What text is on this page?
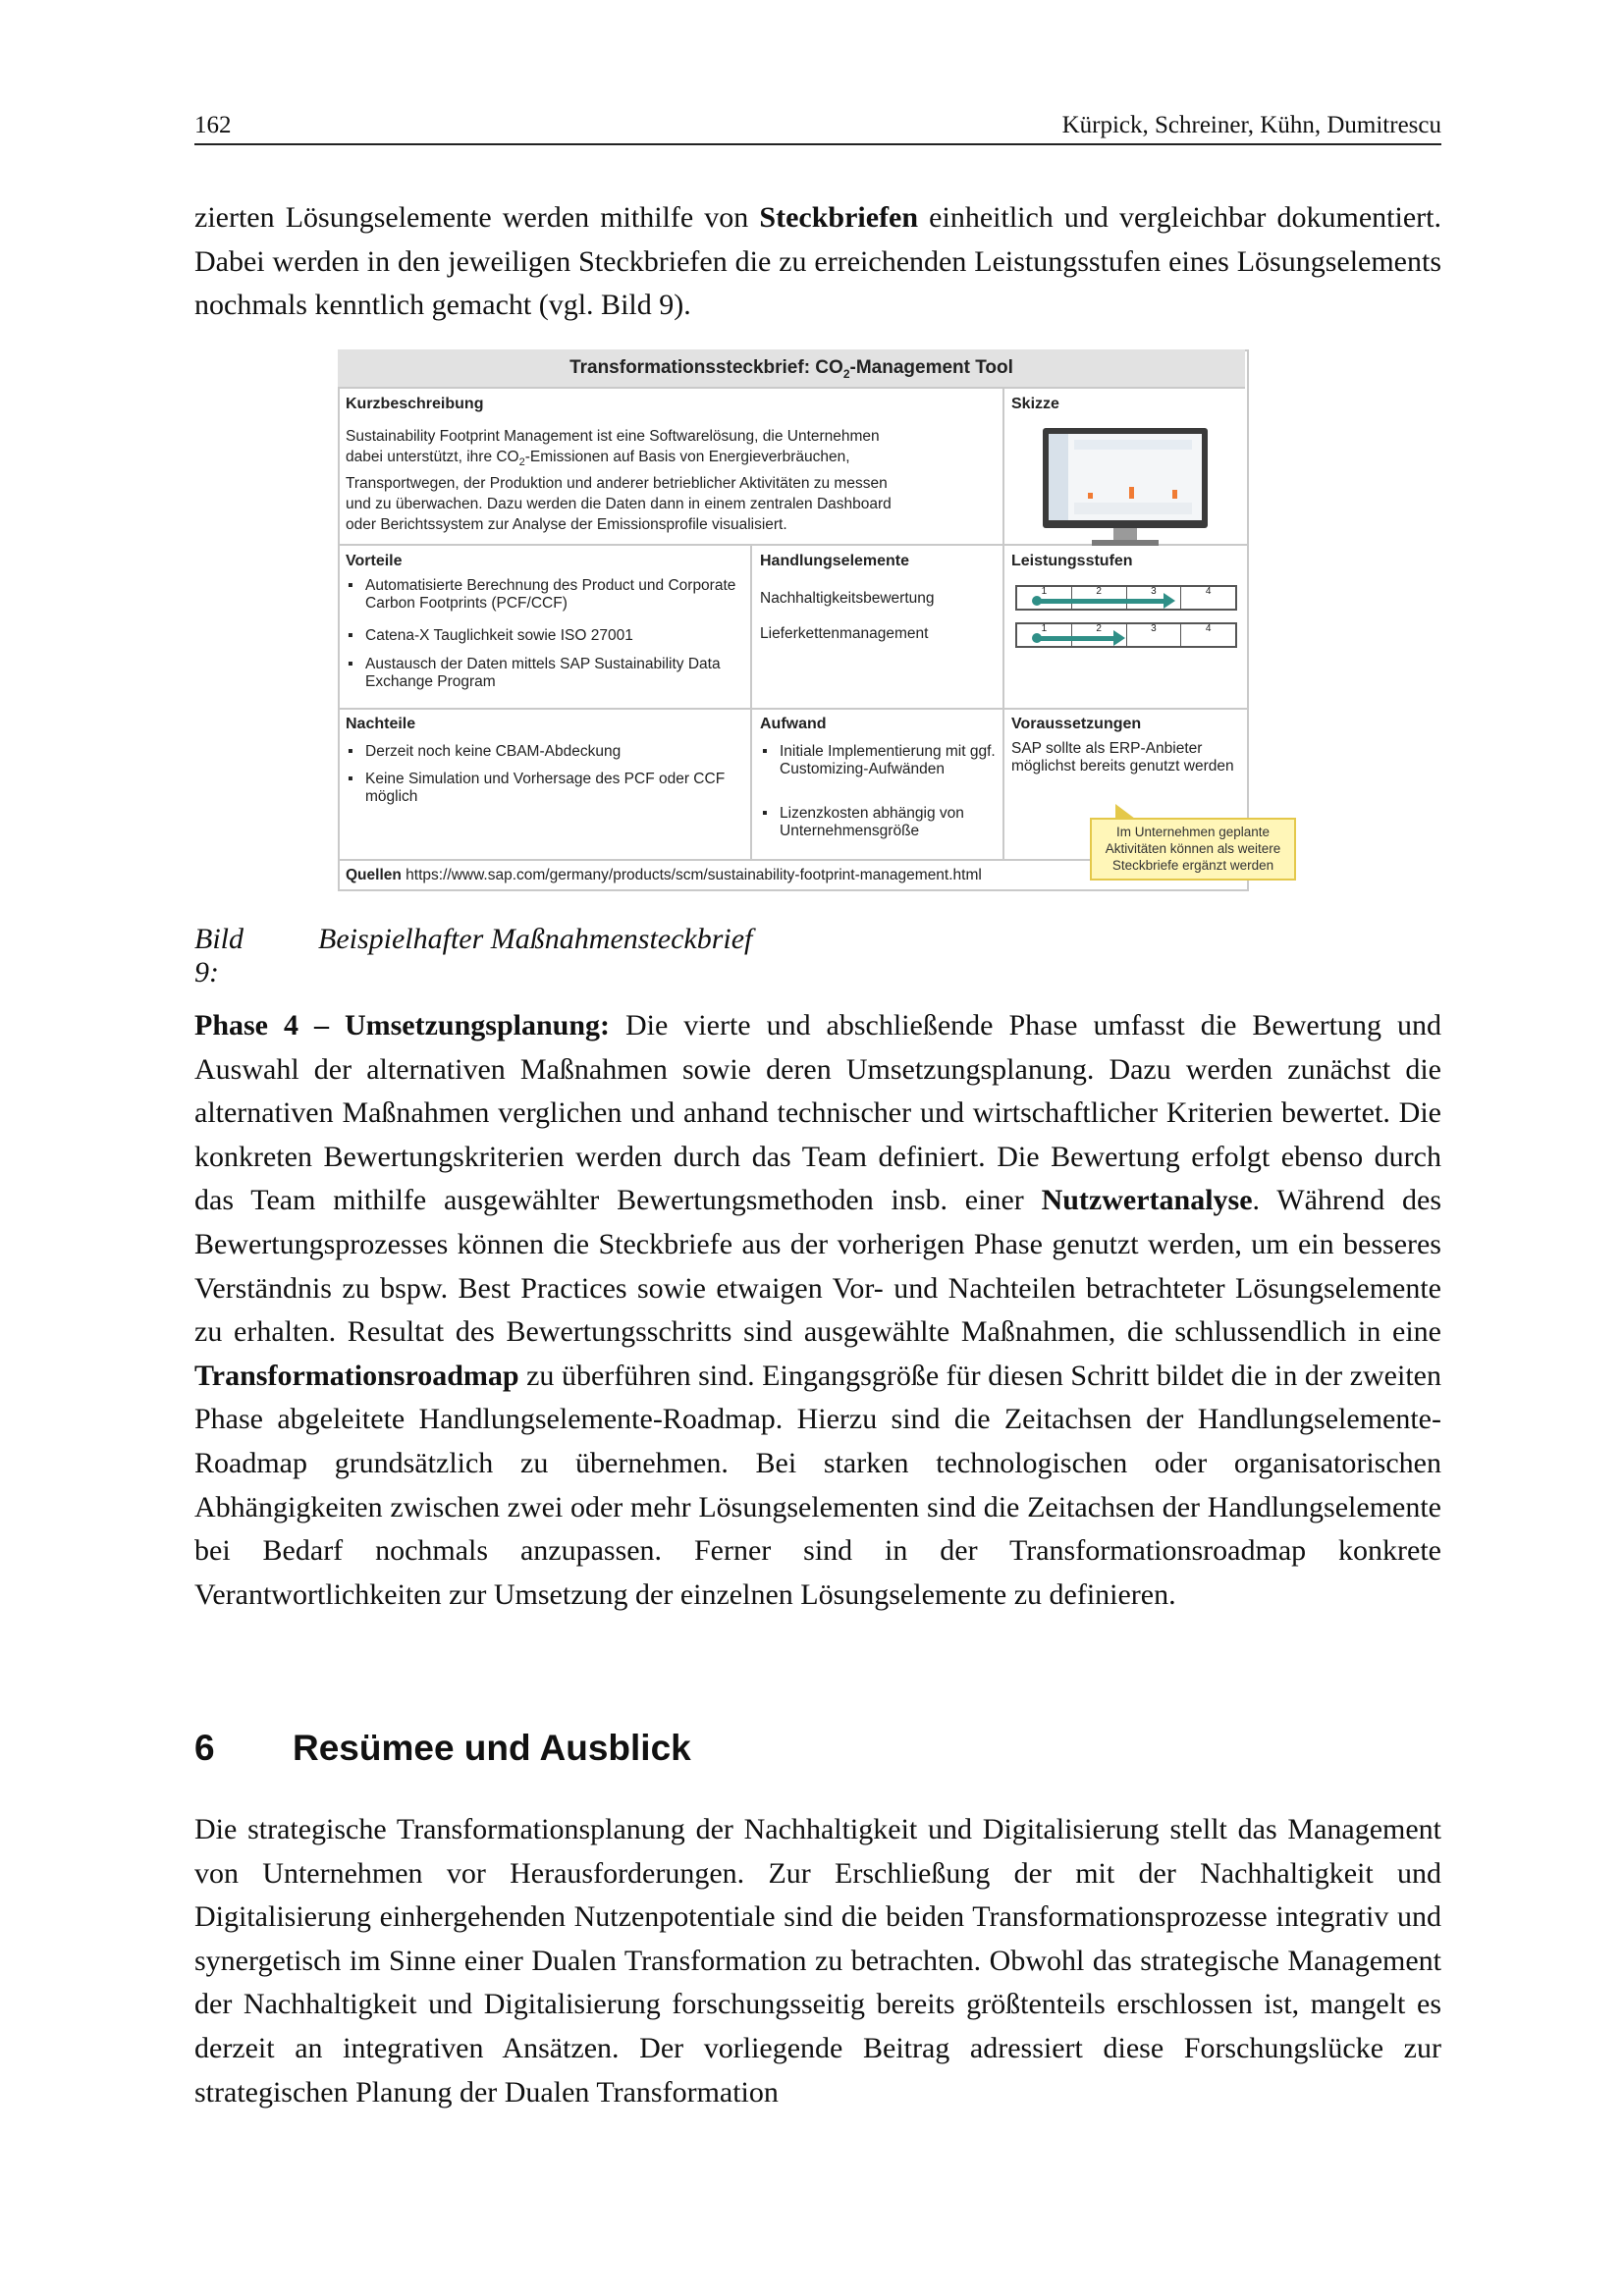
162	Kürpick, Schreiner, Kühn, Dumitrescu

zierten Lösungselemente werden mithilfe von Steckbriefen einheitlich und vergleichbar dokumentiert. Dabei werden in den jeweiligen Steckbriefen die zu erreichenden Leistungsstufen eines Lösungselements nochmals kenntlich gemacht (vgl. Bild 9).

Transformationssteckbrief: $CO_2$-Management Tool
Kurzbeschreibung
Sustainability Footprint Management ist eine Softwarelösung, die Unternehmen
dabei unterstützt, ihre $CO_2$-Emissionen auf Basis von Energieverbräuchen,
Transportwegen, der Produktion und anderer betrieblicher Aktivitäten zu messen
und zu überwachen. Dazu werden die Daten dann in einem zentralen Dashboard
oder Berichtssystem zur Analyse der Emissionsprofile visualisiert.
Skizze
Vorteile
▪ Automatisierte Berechnung des Product und Corporate Carbon Footprints (PCF/CCF)
▪ Catena-X Tauglichkeit sowie ISO 27001
▪ Austausch der Daten mittels SAP Sustainability Data Exchange Program
Handlungselemente
Nachhaltigkeitsbewertung
Lieferkettenmanagement
Leistungsstufen
1	2	3	4
1	2	3	4
Nachteile
▪ Derzeit noch keine CBAM-Abdeckung
▪ Keine Simulation und Vorhersage des PCF oder CCF möglich
Aufwand
▪ Initiale Implementierung mit ggf. Customizing-Aufwänden
▪ Lizenzkosten abhängig von Unternehmensgröße
Voraussetzungen
SAP sollte als ERP-Anbieter möglichst bereits genutzt werden
Quellen https://www.sap.com/germany/products/scm/sustainability-footprint-management.html
Im Unternehmen geplante Aktivitäten können als weitere Steckbriefe ergänzt werden
Bild 9:
Beispielhafter Maßnahmensteckbrief

Phase 4 – Umsetzungsplanung: Die vierte und abschließende Phase umfasst die Bewertung und Auswahl der alternativen Maßnahmen sowie deren Umsetzungsplanung. Dazu werden zunächst die alternativen Maßnahmen verglichen und anhand technischer und wirtschaftlicher Kriterien bewertet. Die konkreten Bewertungskriterien werden durch das Team definiert. Die Bewertung erfolgt ebenso durch das Team mithilfe ausgewählter Bewertungsmethoden insb. einer Nutzwertanalyse. Während des Bewertungsprozesses können die Steckbriefe aus der vorherigen Phase genutzt werden, um ein besseres Verständnis zu bspw. Best Practices sowie etwaigen Vor- und Nachteilen betrachteter Lösungselemente zu erhalten. Resultat des Bewertungsschritts sind ausgewählte Maßnahmen, die schlussendlich in eine Transformationsroadmap zu überführen sind. Eingangsgröße für diesen Schritt bildet die in der zweiten Phase abgeleitete Handlungselemente-Roadmap. Hierzu sind die Zeitachsen der Handlungselemente-Roadmap grundsätzlich zu übernehmen. Bei starken technologischen oder organisatorischen Abhängigkeiten zwischen zwei oder mehr Lösungselementen sind die Zeitachsen der Handlungselemente bei Bedarf nochmals anzupassen. Ferner sind in der Transformationsroadmap konkrete Verantwortlichkeiten zur Umsetzung der einzelnen Lösungselemente zu definieren.

6 Resümee und Ausblick

Die strategische Transformationsplanung der Nachhaltigkeit und Digitalisierung stellt das Management von Unternehmen vor Herausforderungen. Zur Erschließung der mit der Nachhaltigkeit und Digitalisierung einhergehenden Nutzenpotentiale sind die beiden Transformationsprozesse integrativ und synergetisch im Sinne einer Dualen Transformation zu betrachten. Obwohl das strategische Management der Nachhaltigkeit und Digitalisierung forschungsseitig bereits größtenteils erschlossen ist, mangelt es derzeit an integrativen Ansätzen. Der vorliegende Beitrag adressiert diese Forschungslücke zur strategischen Planung der Dualen Transformation
